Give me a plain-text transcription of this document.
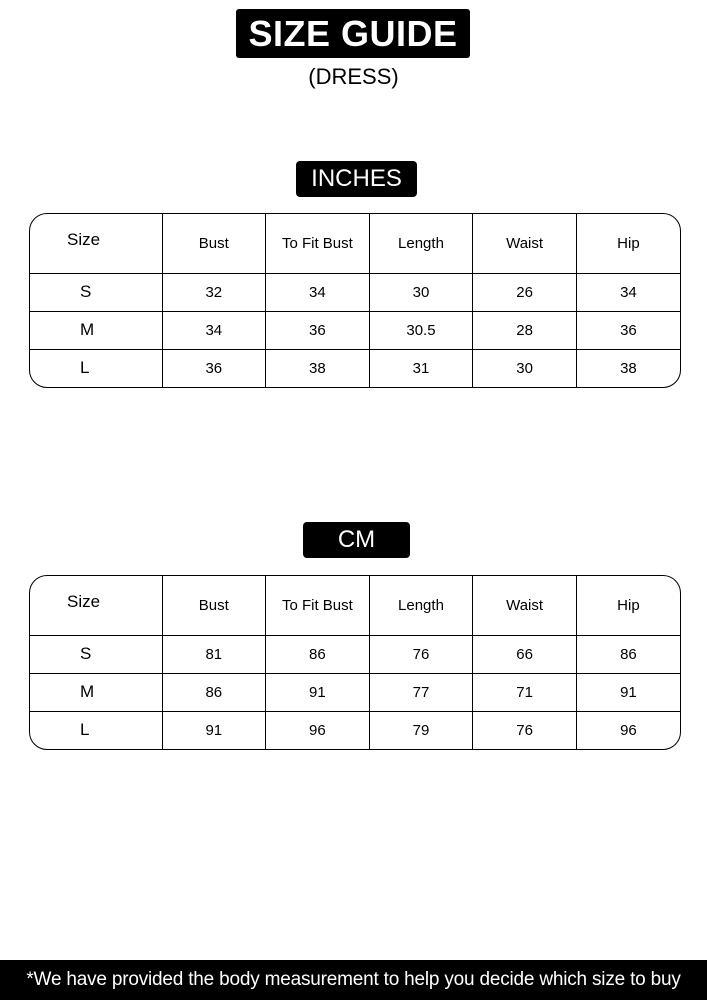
SIZE GUIDE
(DRESS)
INCHES
Size	Bust	To Fit Bust	Length	Waist	Hip
S	32	34	30	26	34
M	34	36	30.5	28	36
L	36	38	31	30	38
CM
Size	Bust	To Fit Bust	Length	Waist	Hip
S	81	86	76	66	86
M	86	91	77	71	91
L	91	96	79	76	96
*We have provided the body measurement to help you decide which size to buy
